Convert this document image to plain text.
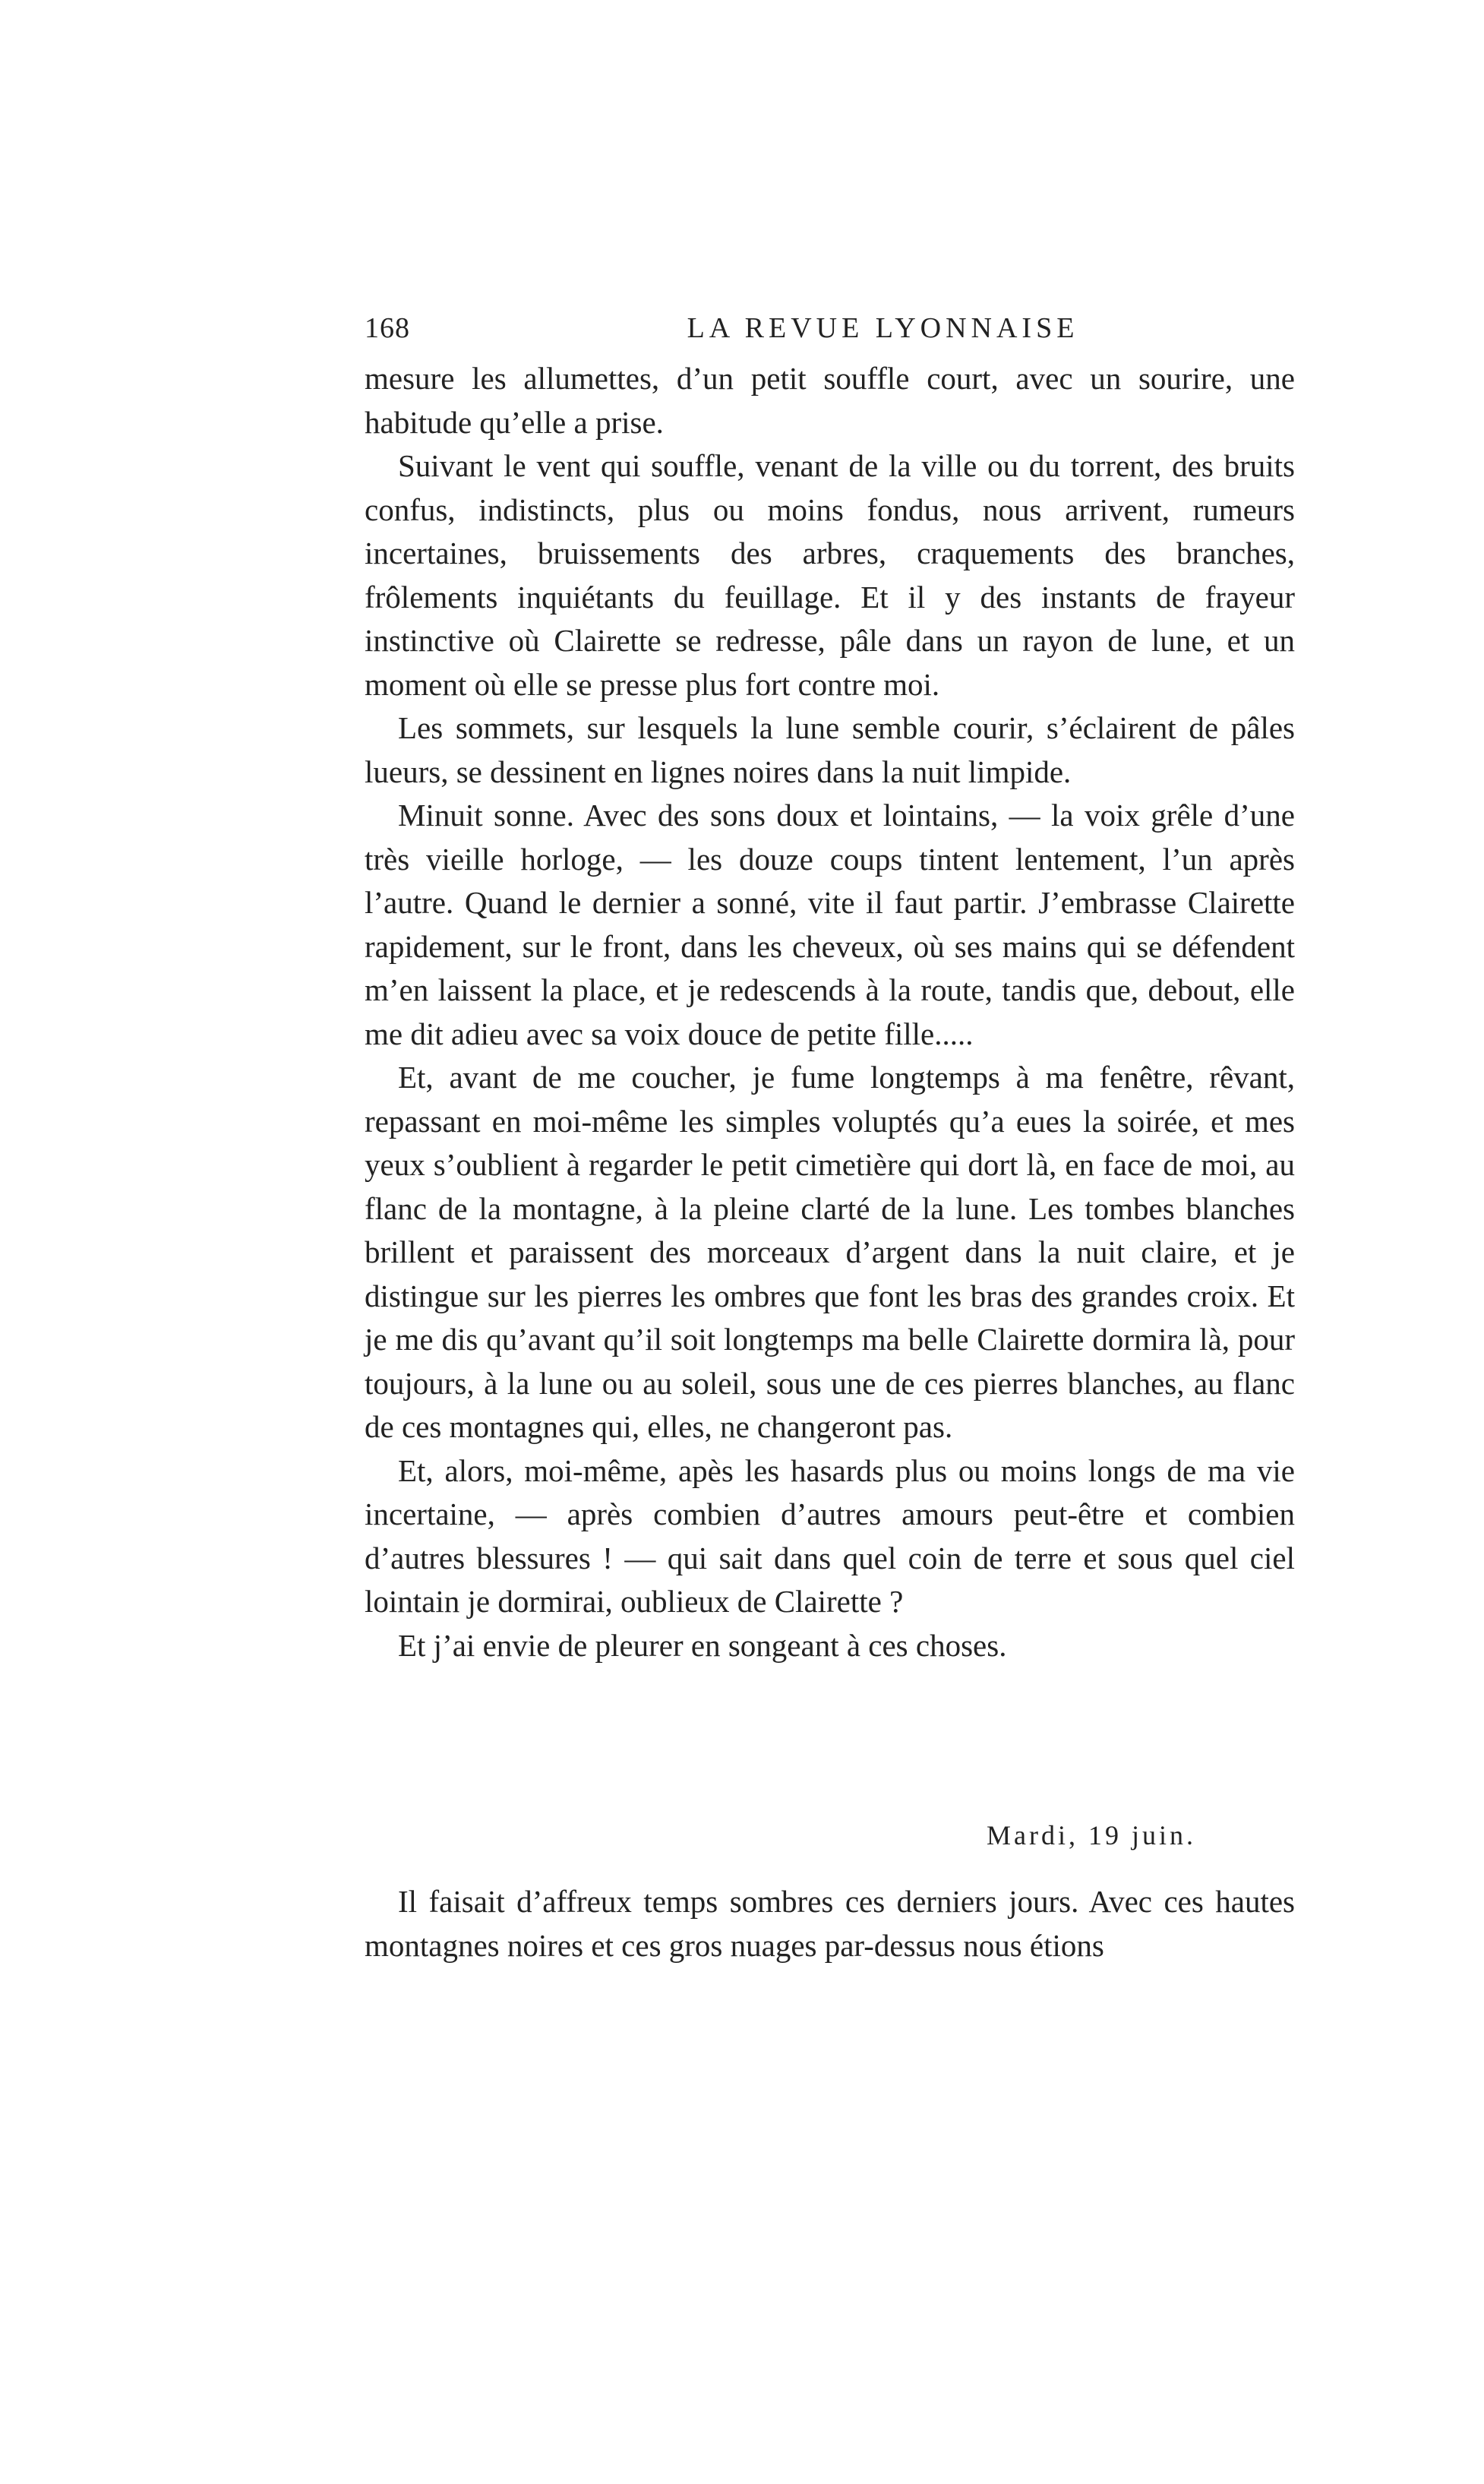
168	LA REVUE LYONNAISE

mesure les allumettes, d’un petit souffle court, avec un sourire, une habitude qu’elle a prise.

Suivant le vent qui souffle, venant de la ville ou du torrent, des bruits confus, indistincts, plus ou moins fondus, nous arrivent, rumeurs incertaines, bruissements des arbres, craquements des branches, frôlements inquiétants du feuillage. Et il y des instants de frayeur instinctive où Clairette se redresse, pâle dans un rayon de lune, et un moment où elle se presse plus fort contre moi.

Les sommets, sur lesquels la lune semble courir, s’éclairent de pâles lueurs, se dessinent en lignes noires dans la nuit limpide.

Minuit sonne. Avec des sons doux et lointains, — la voix grêle d’une très vieille horloge, — les douze coups tintent lentement, l’un après l’autre. Quand le dernier a sonné, vite il faut partir. J’embrasse Clairette rapidement, sur le front, dans les cheveux, où ses mains qui se défendent m’en laissent la place, et je redescends à la route, tandis que, debout, elle me dit adieu avec sa voix douce de petite fille.....

Et, avant de me coucher, je fume longtemps à ma fenêtre, rêvant, repassant en moi-même les simples voluptés qu’a eues la soirée, et mes yeux s’oublient à regarder le petit cimetière qui dort là, en face de moi, au flanc de la montagne, à la pleine clarté de la lune. Les tombes blanches brillent et paraissent des morceaux d’argent dans la nuit claire, et je distingue sur les pierres les ombres que font les bras des grandes croix. Et je me dis qu’avant qu’il soit longtemps ma belle Clairette dormira là, pour toujours, à la lune ou au soleil, sous une de ces pierres blanches, au flanc de ces montagnes qui, elles, ne changeront pas.

Et, alors, moi-même, apès les hasards plus ou moins longs de ma vie incertaine, — après combien d’autres amours peut-être et combien d’autres blessures ! — qui sait dans quel coin de terre et sous quel ciel lointain je dormirai, oublieux de Clairette ?

Et j’ai envie de pleurer en songeant à ces choses.

Mardi, 19 juin.

Il faisait d’affreux temps sombres ces derniers jours. Avec ces hautes montagnes noires et ces gros nuages par-dessus nous étions
